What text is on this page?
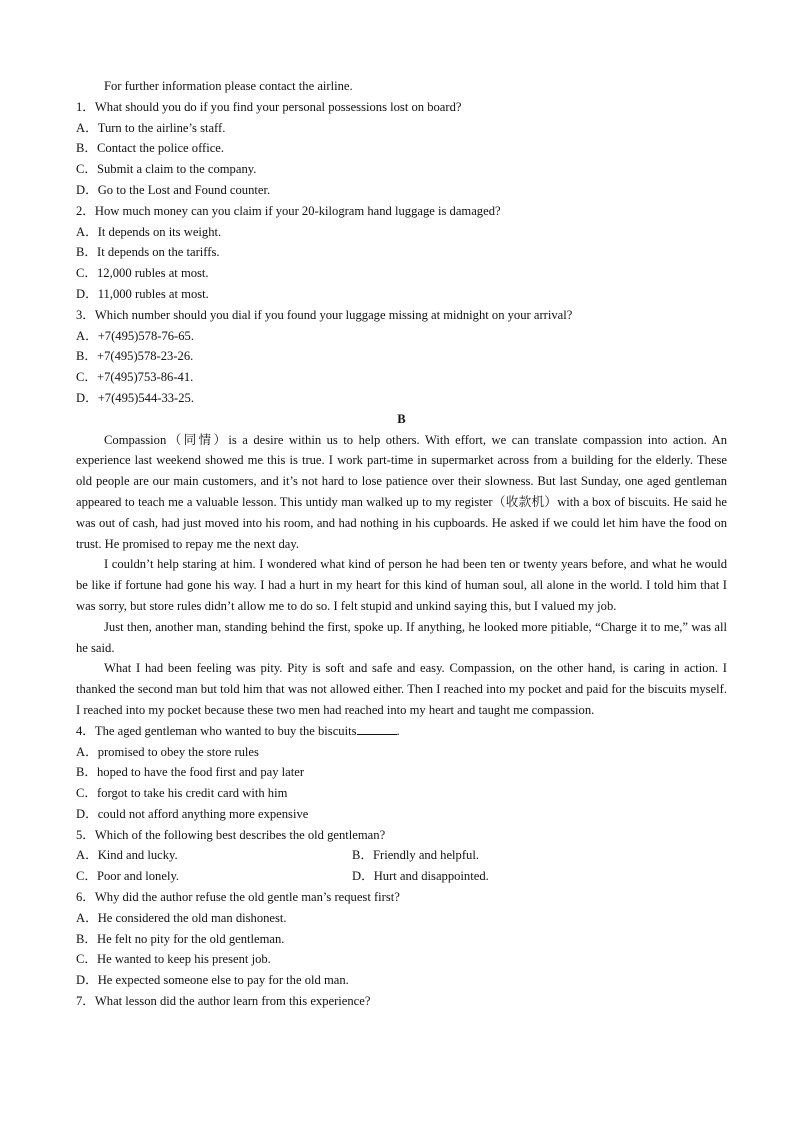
For further information please contact the airline.
1．What should you do if you find your personal possessions lost on board?
A．Turn to the airline’s staff.
B．Contact the police office.
C．Submit a claim to the company.
D．Go to the Lost and Found counter.
2．How much money can you claim if your 20-kilogram hand luggage is damaged?
A．It depends on its weight.
B．It depends on the tariffs.
C．12,000 rubles at most.
D．11,000 rubles at most.
3．Which number should you dial if you found your luggage missing at midnight on your arrival?
A．+7(495)578-76-65.
B．+7(495)578-23-26.
C．+7(495)753-86-41.
D．+7(495)544-33-25.
B
Compassion（同情）is a desire within us to help others. With effort, we can translate compassion into action. An experience last weekend showed me this is true. I work part-time in supermarket across from a building for the elderly. These old people are our main customers, and it’s not hard to lose patience over their slowness. But last Sunday, one aged gentleman appeared to teach me a valuable lesson. This untidy man walked up to my register（收款机）with a box of biscuits. He said he was out of cash, had just moved into his room, and had nothing in his cupboards. He asked if we could let him have the food on trust. He promised to repay me the next day.
I couldn’t help staring at him. I wondered what kind of person he had been ten or twenty years before, and what he would be like if fortune had gone his way. I had a hurt in my heart for this kind of human soul, all alone in the world. I told him that I was sorry, but store rules didn’t allow me to do so. I felt stupid and unkind saying this, but I valued my job.
Just then, another man, standing behind the first, spoke up. If anything, he looked more pitiable, “Charge it to me,” was all he said.
What I had been feeling was pity. Pity is soft and safe and easy. Compassion, on the other hand, is caring in action. I thanked the second man but told him that was not allowed either. Then I reached into my pocket and paid for the biscuits myself. I reached into my pocket because these two men had reached into my heart and taught me compassion.
4．The aged gentleman who wanted to buy the biscuits	.
A．promised to obey the store rules
B．hoped to have the food first and pay later
C．forgot to take his credit card with him
D．could not afford anything more expensive
5．Which of the following best describes the old gentleman?
A．Kind and lucky.	B．Friendly and helpful.
C．Poor and lonely.	D．Hurt and disappointed.
6．Why did the author refuse the old gentle man’s request first?
A．He considered the old man dishonest.
B．He felt no pity for the old gentleman.
C．He wanted to keep his present job.
D．He expected someone else to pay for the old man.
7．What lesson did the author learn from this experience?
